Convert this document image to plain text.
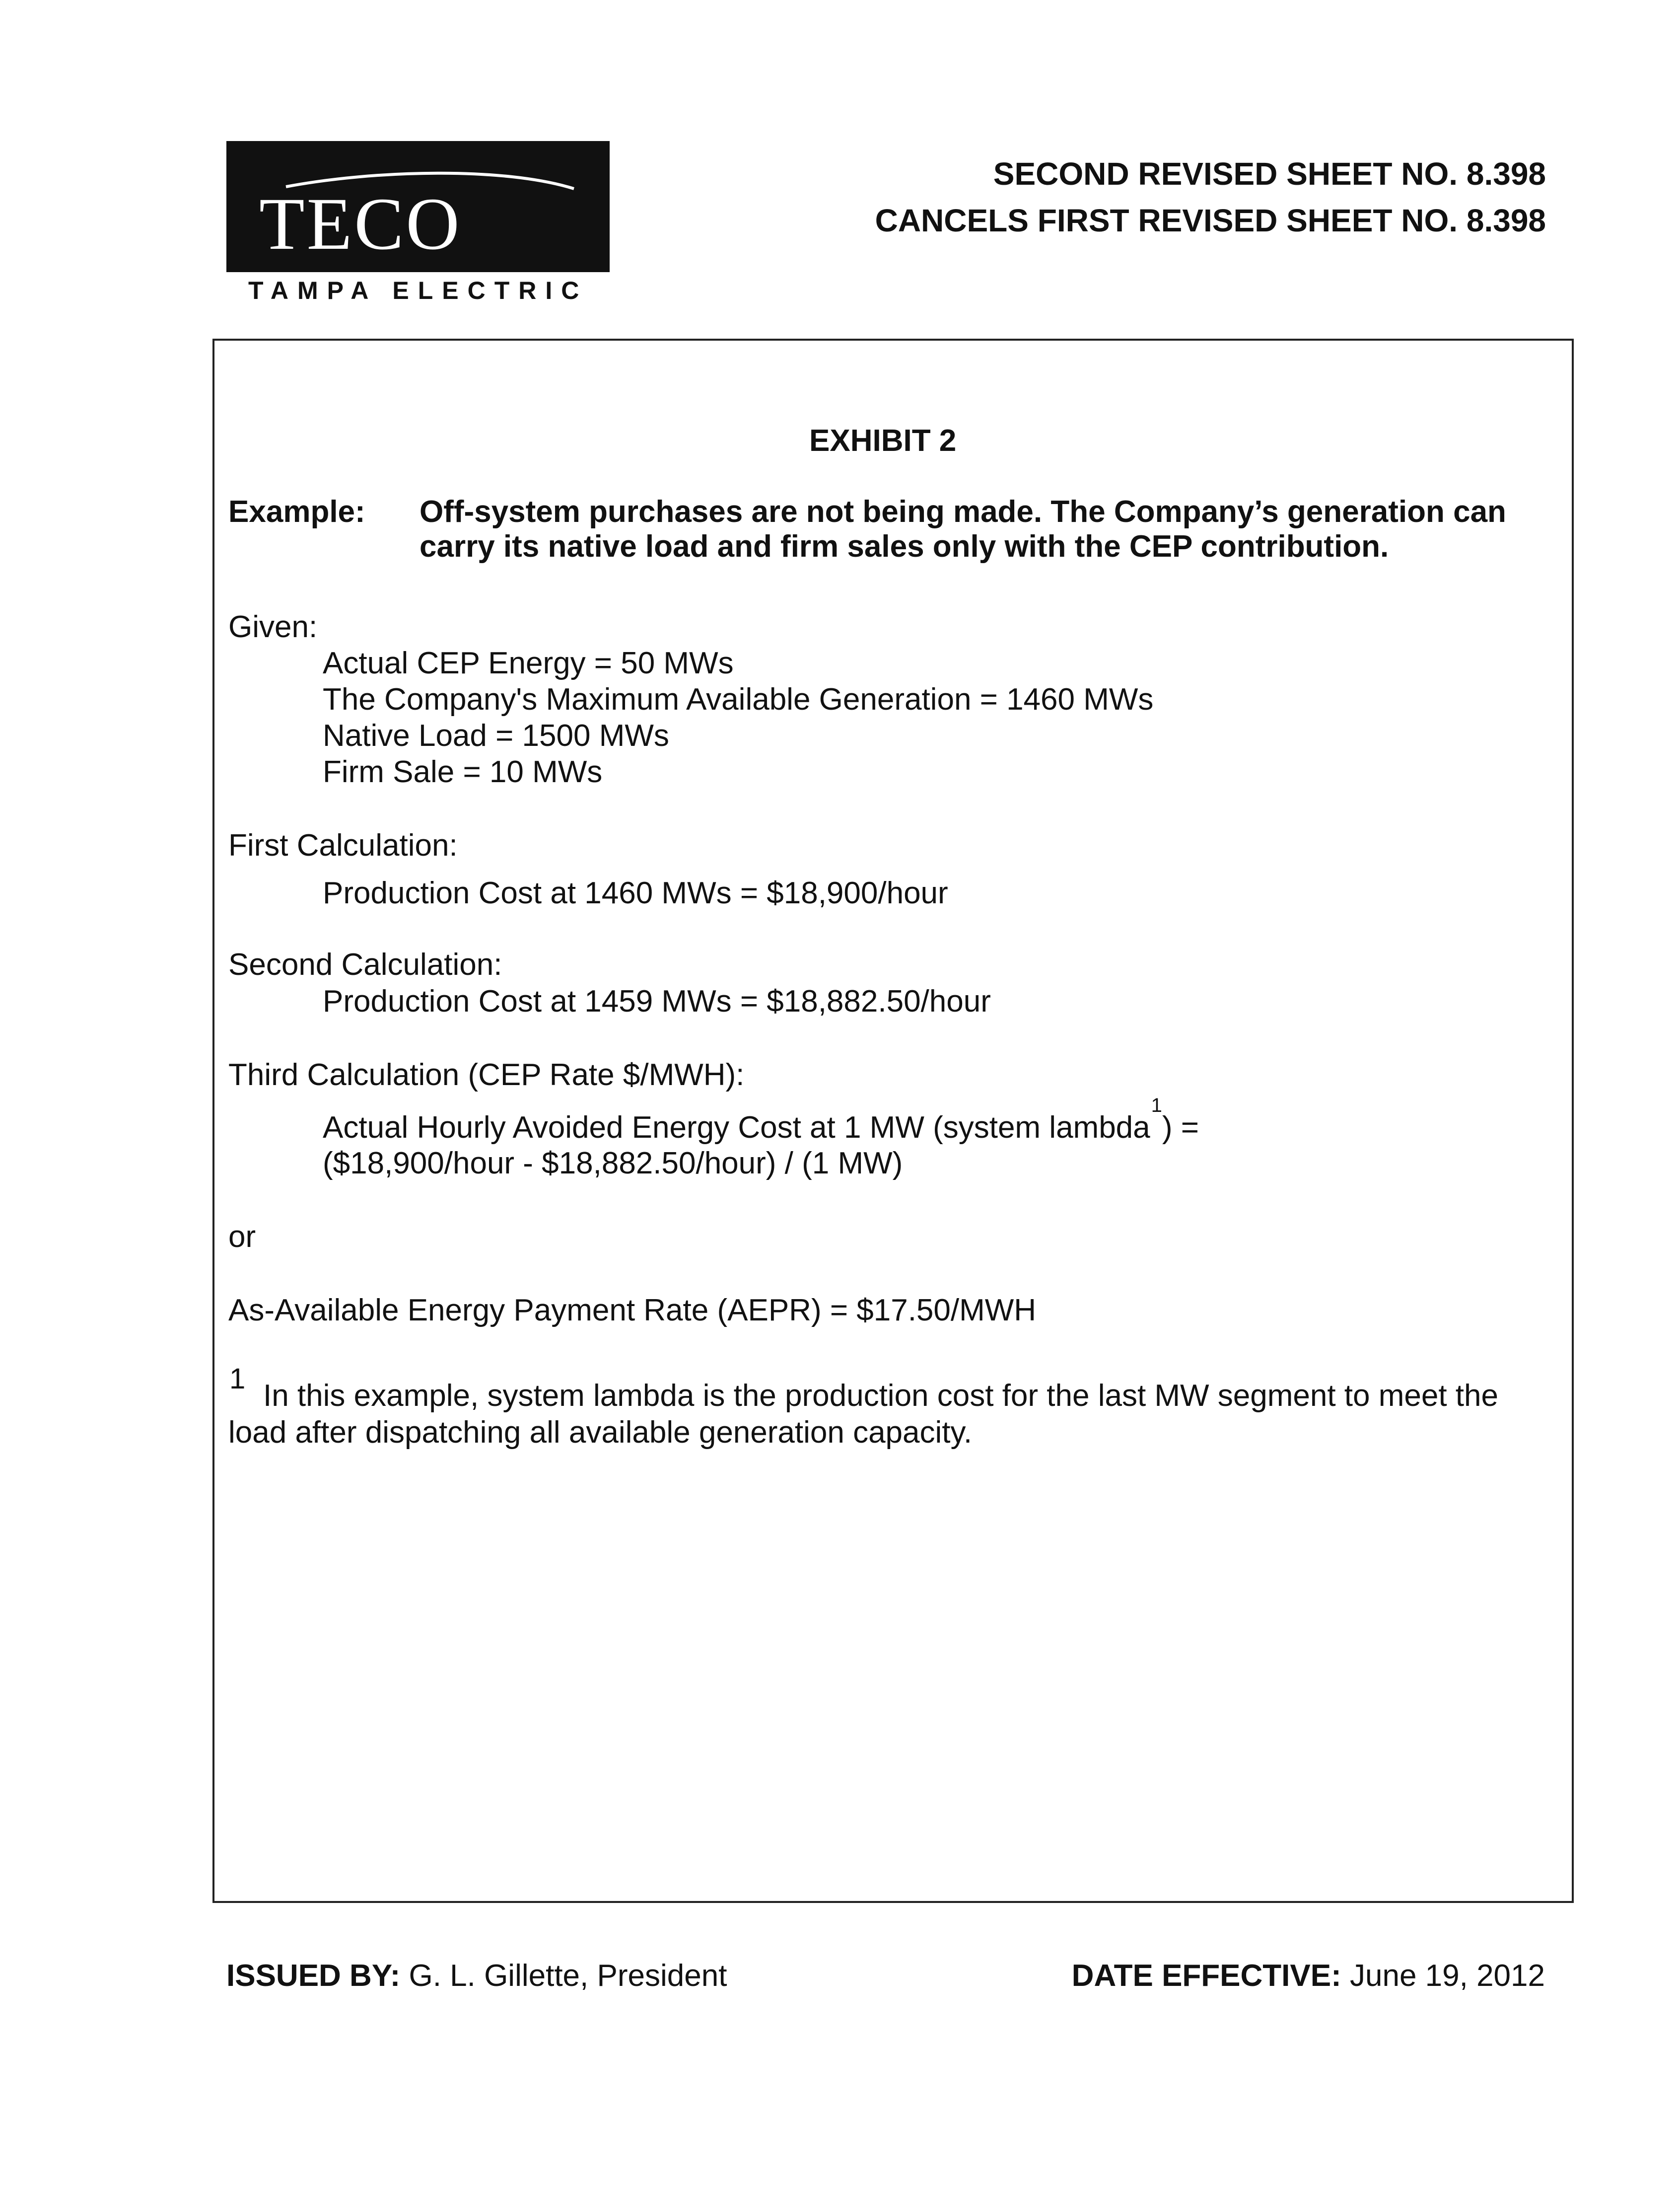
TECO
TAMPA ELECTRIC
SECOND REVISED SHEET NO. 8.398
CANCELS FIRST REVISED SHEET NO. 8.398
EXHIBIT 2
Example: Off-system purchases are not being made. The Company’s generation can
carry its native load and firm sales only with the CEP contribution.
Given:
Actual CEP Energy = 50 MWs
The Company's Maximum Available Generation = 1460 MWs
Native Load = 1500 MWs
Firm Sale = 10 MWs
First Calculation:
Production Cost at 1460 MWs = $18,900/hour
Second Calculation:
Production Cost at 1459 MWs = $18,882.50/hour
Third Calculation (CEP Rate $/MWH):
Actual Hourly Avoided Energy Cost at 1 MW (system lambda$^1$) =
($18,900/hour - $18,882.50/hour) / (1 MW)
or
As-Available Energy Payment Rate (AEPR) = $17.50/MWH
1 In this example, system lambda is the production cost for the last MW segment to meet the
load after dispatching all available generation capacity.
ISSUED BY: G. L. Gillette, President	DATE EFFECTIVE: June 19, 2012
